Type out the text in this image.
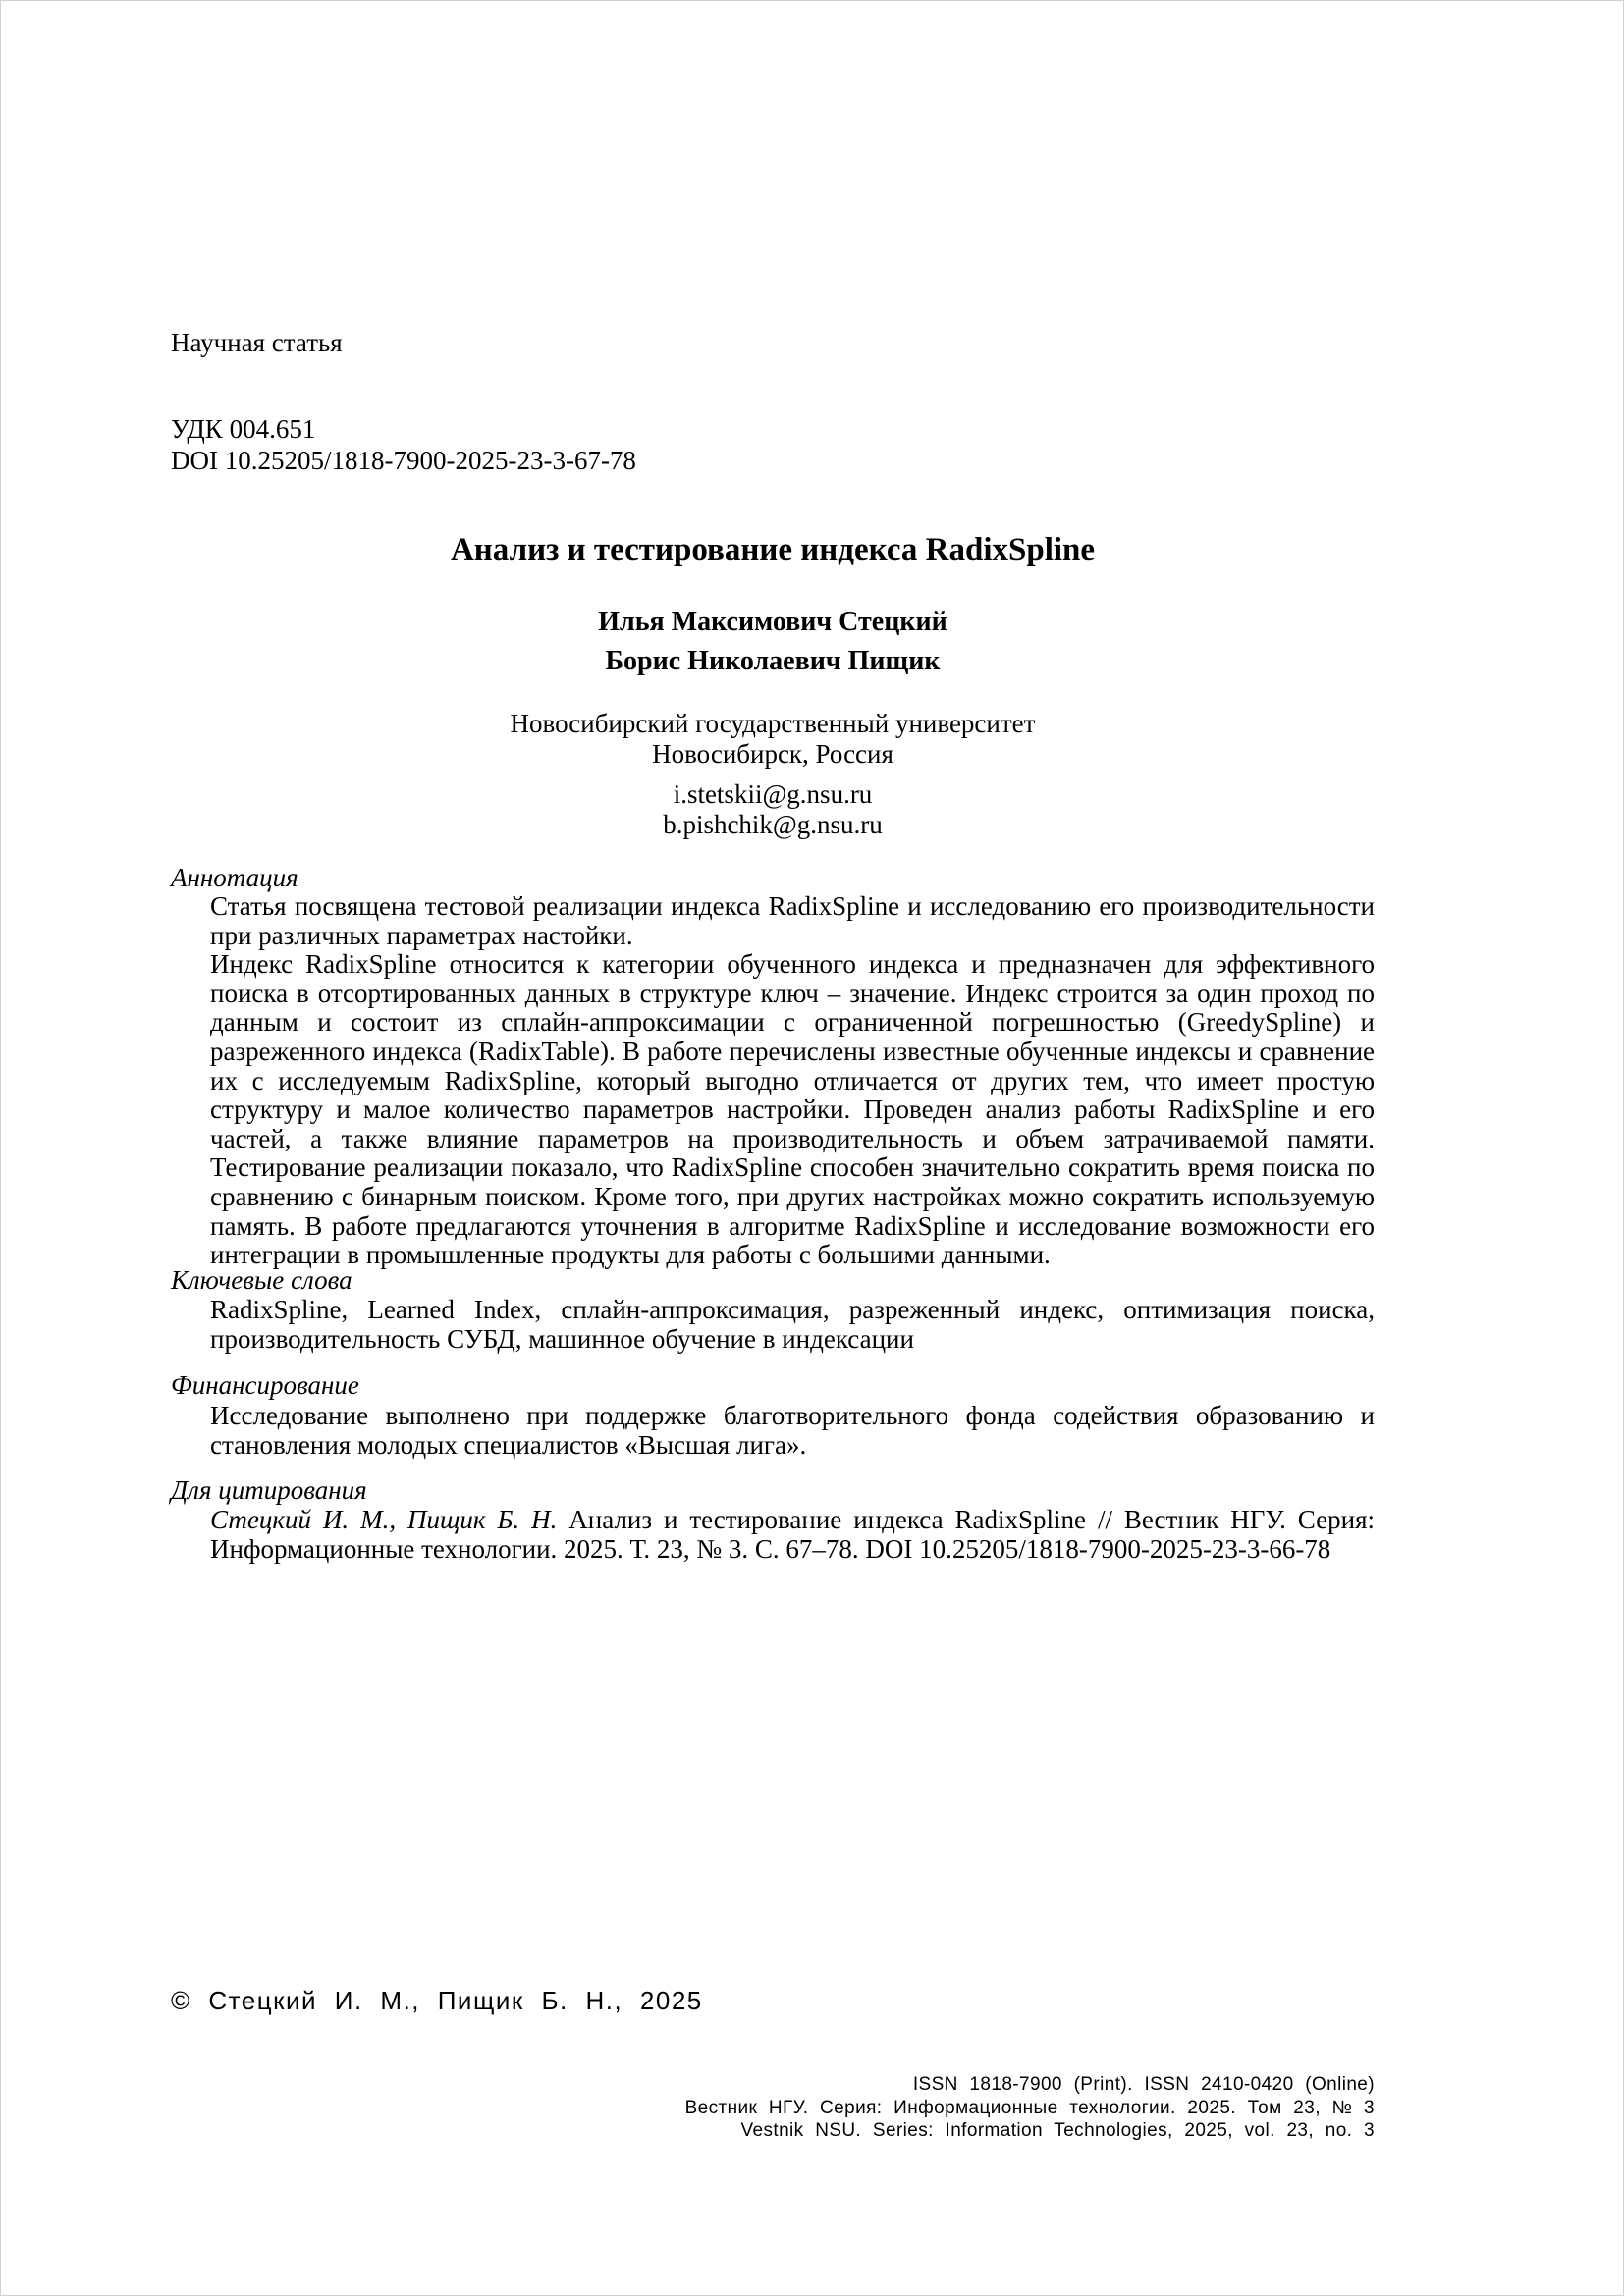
Научная статья
УДК 004.651
DOI 10.25205/1818-7900-2025-23-3-67-78
Анализ и тестирование индекса RadixSpline

Илья Максимович Стецкий

Борис Николаевич Пищик

Новосибирский государственный университет

Новосибирск, Россия

i.stetskii@g.nsu.ru

b.pishchik@g.nsu.ru

Аннотация

Статья посвящена тестовой реализации индекса RadixSpline и исследованию его производительности при различных параметрах настойки.

Индекс RadixSpline относится к категории обученного индекса и предназначен для эффективного поиска в отсортированных данных в структуре ключ – значение. Индекс строится за один проход по данным и состоит из сплайн-аппроксимации с ограниченной погрешностью (GreedySpline) и разреженного индекса (RadixTable). В работе перечислены известные обученные индексы и сравнение их с исследуемым RadixSpline, который выгодно отличается от других тем, что имеет простую структуру и малое количество параметров настройки. Проведен анализ работы RadixSpline и его частей, а также влияние параметров на производительность и объем затрачиваемой памяти. Тестирование реализации показало, что RadixSpline способен значительно сократить время поиска по сравнению с бинарным поиском. Кроме того, при других настройках можно сократить используемую память. В работе предлагаются уточнения в алгоритме RadixSpline и исследование возможности его интеграции в промышленные продукты для работы с большими данными.

Ключевые слова
RadixSpline, Learned Index, сплайн-аппроксимация, разреженный индекс, оптимизация поиска, производительность СУБД, машинное обучение в индексации
Финансирование
Исследование выполнено при поддержке благотворительного фонда содействия образованию и становления молодых специалистов «Высшая лига».
Для цитирования
Стецкий И. М., Пищик Б. Н. Анализ и тестирование индекса RadixSpline // Вестник НГУ. Серия: Информационные технологии. 2025. Т. 23, № 3. С. 67–78. DOI 10.25205/1818-7900-2025-23-3-66-78
© Стецкий И. М., Пищик Б. Н., 2025

ISSN 1818-7900 (Print). ISSN 2410-0420 (Online)

Вестник НГУ. Серия: Информационные технологии. 2025. Том 23, № 3

Vestnik NSU. Series: Information Technologies, 2025, vol. 23, no. 3
